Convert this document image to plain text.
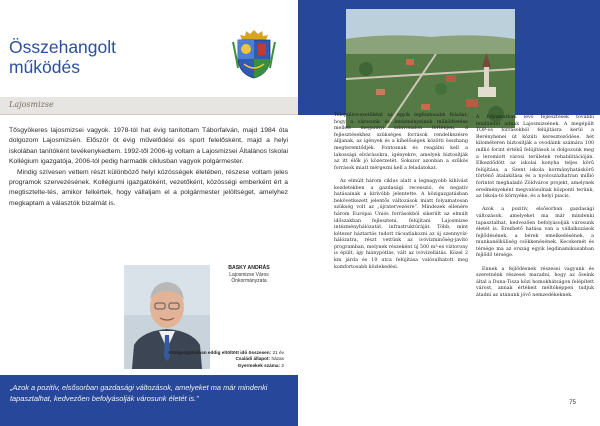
Összehangolt
működés
Lajosmizse

Tősgyökeres lajosmizsei vagyok. 1978-tól hat évig tanítottam Táborfalván, majd 1984 óta dolgozom Lajosmizsén. Először öt évig művelődési és sport felelősként, majd a helyi iskolában tanítóként tevékenykedtem. 1992-től 2006-ig voltam a Lajosmizsei Általános Iskolai Kollégium igazgatója, 2006-tól pedig harmadik ciklusban vagyok polgármester.

Mindig szívesen vettem részt különböző helyi közösségek életében, részese voltam jeles programok szervezésének. Kollégiumi igazgatóként, vezetőként, közösségi emberként ért a megtisztelte-tés, amikor felkértek, hogy vállaljam el a polgármester jelöltséget, amelyhez megkaptam a választók bizalmát is.

BASKY ANDRÁS
Lajosmizse Város
Önkormányzata
Közigazgatásban eddig eltöltött idő összesen: 21 év
Családi állapot: házas
Gyermekek száma: 2

„Azok a pozitív, elsősorban gazdasági változások, amelyeket ma már mindenki tapasztalhat, kedvezően befolyásolják városunk életét is.”

Településvezetőként az egyik legfontosabb feladat, hogy a városunk és intézményeinek működtetése mellett megannyi szinvonalon történjen, a fejlesztésekhez szükséges források rendelkezésre álljanak, az igények és a kihelőségek közötti összhang megteremtődjék. Fontosnak és reagálni kell a lakossági elvárásokra, igényekre, amelyek biztosítják az itt élők jó közérzetét. Sokszor azonban a szűkös források miatt mérgezni kell a feladatokat.

Az elmúlt három ciklus alatt a legnagyobb kihívást kezdetekben a gazdasági recesszió, és negatív hatásainak a kirívóbb jelentette. A közigazgatásban bekövetkezett jelentős változások miatt folyamatosan szükség volt az „újratervezésre”. Mindezek ellenére három Európai Uniós forrásokból sikerült az elmúlt időszakban fejleszteni, felújítani Lajosmizse intézményhálózatát, infrastruktúráját. Több, mint kétezer háztartás tudott rácsatlakozni az új szennyvíz-hálózatra, részt vettünk az ivóvízminőség-javító programban, melynek részeként új 500 m³-es víztorony is épült, így hiánypótlás, vált az ivóvízellátás. Közel 2 km járda és 10 utca felújítása valósulhatott meg komfortosabb közlekedési.

A folyamatban lévő fejlesztések további lendületet adnak Lajosmizsének. A megépült TOP-os forrásokból felújításra kerül a Berényhenei út közúti kereszteződése, hét kilométeren biztosítják a ovodáink számára 100 millió forint értékű felújítások is dolgozunk meg a leromlott városi területek rehabilitációján. Elkezdődött az iskolai konyha teljes körű felújítása, a Szent iskola kormányhatáskörű történő átalakítása és a nyolcszázhatvan millió forintot meghaladó Zöldváros projekt, amelynek eredményeként megvalósulnak központi terünk, az Iskola-tó környéke, és a helyi piacis.

Azok a pozitív, elsősorban gazdasági változások, amelyeket ma már mindenki tapasztalhat, kedvezően befolyásolják városunk életét is. Érezhető hatása van a vállalkozások fejlődésének, a bérek emelkedésének, a munkanélküliség csökkenésének. Kecskemét és térsége ma az ország egyik legdinamikusabban fejlődő térsége.

Ennek a fejlődésnek részesei vagyunk és szeretnénk részesei maradni, hogy az őseink által a Duna-Tisza közi homokhátságon felépített várost, annak értékeit méltóképpen tudjuk átadni az utánunk jövő nemzedékeknek.

75
